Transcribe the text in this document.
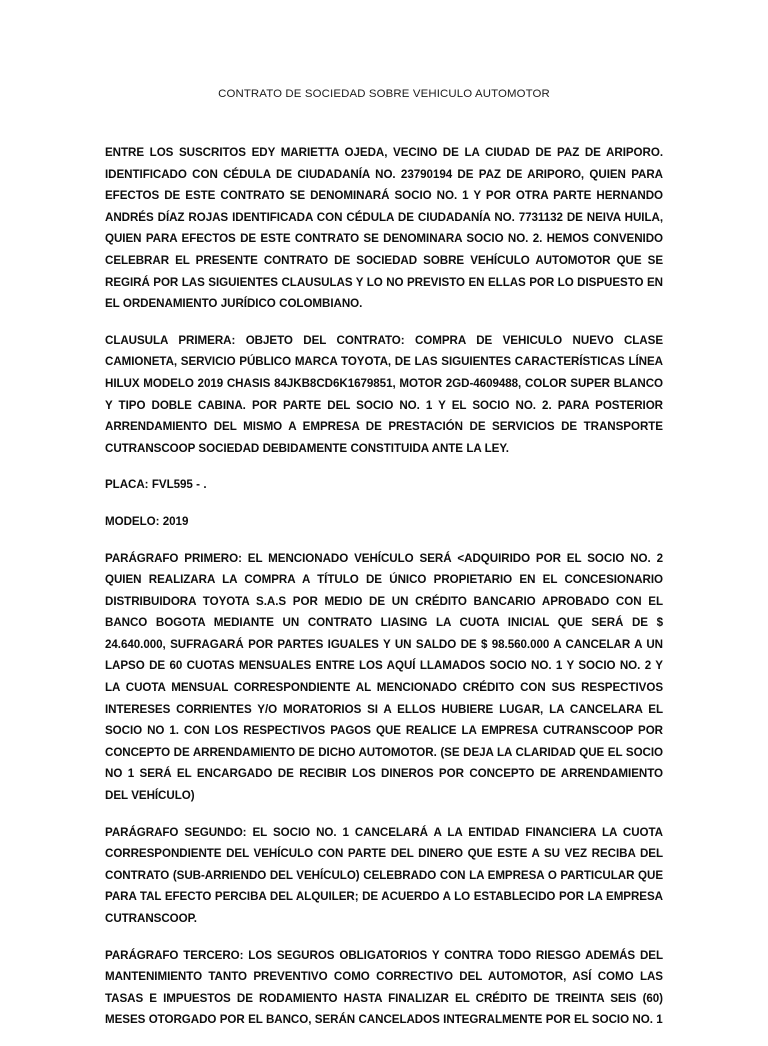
CONTRATO DE SOCIEDAD SOBRE VEHICULO AUTOMOTOR

ENTRE LOS SUSCRITOS EDY MARIETTA OJEDA, VECINO DE LA CIUDAD DE PAZ DE ARIPORO. IDENTIFICADO CON CÉDULA DE CIUDADANÍA NO. 23790194 DE PAZ DE ARIPORO, QUIEN PARA EFECTOS DE ESTE CONTRATO SE DENOMINARÁ SOCIO NO. 1 Y POR OTRA PARTE HERNANDO ANDRÉS DÍAZ ROJAS IDENTIFICADA CON CÉDULA DE CIUDADANÍA NO. 7731132 DE NEIVA HUILA, QUIEN PARA EFECTOS DE ESTE CONTRATO SE DENOMINARA SOCIO NO. 2. HEMOS CONVENIDO CELEBRAR EL PRESENTE CONTRATO DE SOCIEDAD SOBRE VEHÍCULO AUTOMOTOR QUE SE REGIRÁ POR LAS SIGUIENTES CLAUSULAS Y LO NO PREVISTO EN ELLAS POR LO DISPUESTO EN EL ORDENAMIENTO JURÍDICO COLOMBIANO.

CLAUSULA PRIMERA: OBJETO DEL CONTRATO: COMPRA DE VEHICULO NUEVO CLASE CAMIONETA, SERVICIO PÚBLICO MARCA TOYOTA, DE LAS SIGUIENTES CARACTERÍSTICAS LÍNEA HILUX MODELO 2019 CHASIS 84JKB8CD6K1679851, MOTOR 2GD-4609488, COLOR SUPER BLANCO Y TIPO DOBLE CABINA. POR PARTE DEL SOCIO NO. 1 Y EL SOCIO NO. 2. PARA POSTERIOR ARRENDAMIENTO DEL MISMO A EMPRESA DE PRESTACIÓN DE SERVICIOS DE TRANSPORTE CUTRANSCOOP SOCIEDAD DEBIDAMENTE CONSTITUIDA ANTE LA LEY.

PLACA: FVL595 - .

MODELO: 2019

PARÁGRAFO PRIMERO: EL MENCIONADO VEHÍCULO SERÁ <ADQUIRIDO POR EL SOCIO NO. 2 QUIEN REALIZARA LA COMPRA A TÍTULO DE ÚNICO PROPIETARIO EN EL CONCESIONARIO DISTRIBUIDORA TOYOTA S.A.S POR MEDIO DE UN CRÉDITO BANCARIO APROBADO CON EL BANCO BOGOTA MEDIANTE UN CONTRATO LIASING LA CUOTA INICIAL QUE SERÁ DE $ 24.640.000, SUFRAGARÁ POR PARTES IGUALES Y UN SALDO DE $ 98.560.000 A CANCELAR A UN LAPSO DE 60 CUOTAS MENSUALES ENTRE LOS AQUÍ LLAMADOS SOCIO NO. 1 Y SOCIO NO. 2 Y LA CUOTA MENSUAL CORRESPONDIENTE AL MENCIONADO CRÉDITO CON SUS RESPECTIVOS INTERESES CORRIENTES Y/O MORATORIOS SI A ELLOS HUBIERE LUGAR, LA CANCELARA EL SOCIO NO 1. CON LOS RESPECTIVOS PAGOS QUE REALICE LA EMPRESA CUTRANSCOOP POR CONCEPTO DE ARRENDAMIENTO DE DICHO AUTOMOTOR. (SE DEJA LA CLARIDAD QUE EL SOCIO NO 1 SERÁ EL ENCARGADO DE RECIBIR LOS DINEROS POR CONCEPTO DE ARRENDAMIENTO DEL VEHÍCULO)

PARÁGRAFO SEGUNDO: EL SOCIO NO. 1 CANCELARÁ A LA ENTIDAD FINANCIERA LA CUOTA CORRESPONDIENTE DEL VEHÍCULO CON PARTE DEL DINERO QUE ESTE A SU VEZ RECIBA DEL CONTRATO (SUB-ARRIENDO DEL VEHÍCULO) CELEBRADO CON LA EMPRESA O PARTICULAR QUE PARA TAL EFECTO PERCIBA DEL ALQUILER; DE ACUERDO A LO ESTABLECIDO POR LA EMPRESA CUTRANSCOOP.

PARÁGRAFO TERCERO: LOS SEGUROS OBLIGATORIOS Y CONTRA TODO RIESGO ADEMÁS DEL MANTENIMIENTO TANTO PREVENTIVO COMO CORRECTIVO DEL AUTOMOTOR, ASÍ COMO LAS TASAS E IMPUESTOS DE RODAMIENTO HASTA FINALIZAR EL CRÉDITO DE TREINTA SEIS (60) MESES OTORGADO POR EL BANCO, SERÁN CANCELADOS INTEGRALMENTE POR EL SOCIO NO. 1
